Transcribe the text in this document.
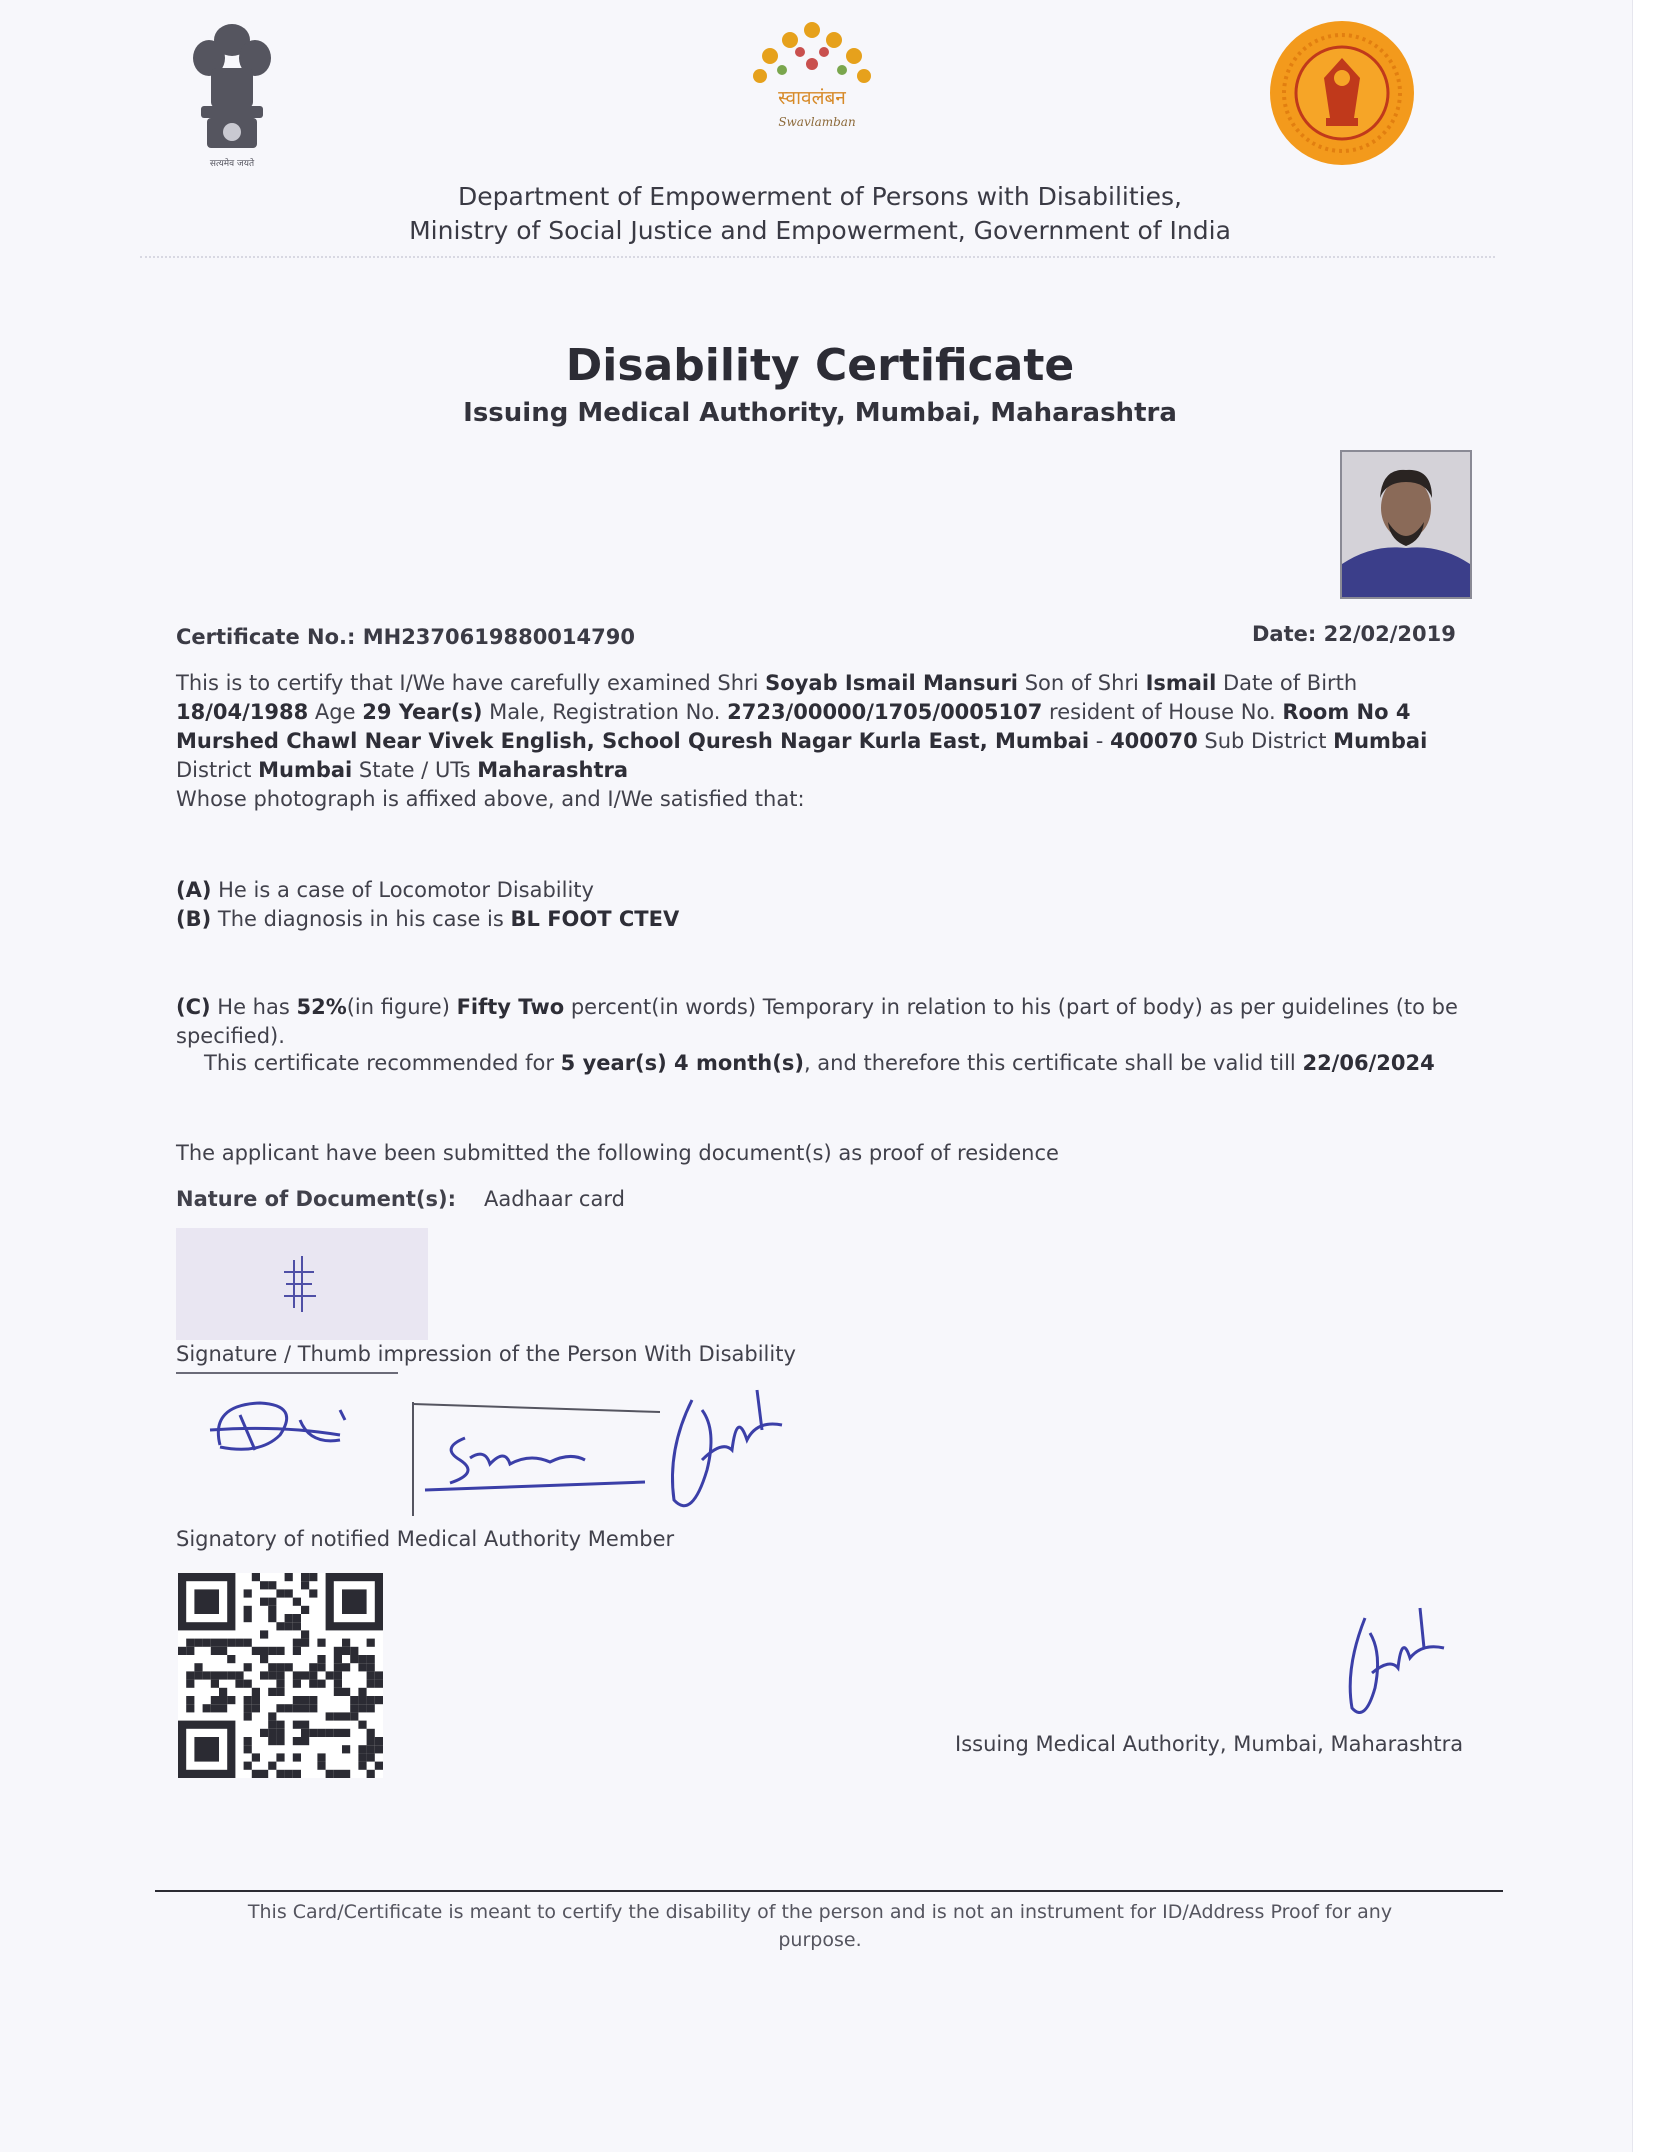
सत्यमेव जयते
स्वावलंबन
Swavlamban
Department of Empowerment of Persons with Disabilities,
Ministry of Social Justice and Empowerment, Government of India
Disability Certificate
Issuing Medical Authority, Mumbai, Maharashtra
Certificate No.: MH2370619880014790	Date: 22/02/2019
This is to certify that I/We have carefully examined Shri Soyab Ismail Mansuri Son of Shri Ismail Date of Birth 18/04/1988 Age 29 Year(s) Male, Registration No. 2723/00000/1705/0005107 resident of House No. Room No 4 Murshed Chawl Near Vivek English, School Quresh Nagar Kurla East, Mumbai - 400070 Sub District Mumbai District Mumbai State / UTs Maharashtra
Whose photograph is affixed above, and I/We satisfied that:
(A) He is a case of Locomotor Disability
(B) The diagnosis in his case is BL FOOT CTEV
(C) He has 52%(in figure) Fifty Two percent(in words) Temporary in relation to his (part of body) as per guidelines (to be specified).
This certificate recommended for 5 year(s) 4 month(s), and therefore this certificate shall be valid till 22/06/2024
The applicant have been submitted the following document(s) as proof of residence
Nature of Document(s): Aadhaar card
Signature / Thumb impression of the Person With Disability
Signatory of notified Medical Authority Member
Issuing Medical Authority, Mumbai, Maharashtra
This Card/Certificate is meant to certify the disability of the person and is not an instrument for ID/Address Proof for any purpose.
